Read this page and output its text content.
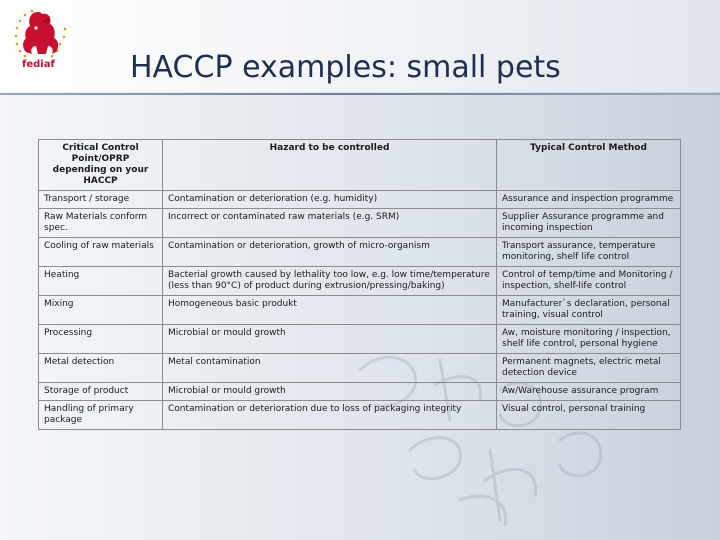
fediaf	HACCP examples: small pets
Critical Control Point/OPRP depending on your HACCP	Hazard to be controlled	Typical Control Method
Transport / storage	Contamination or deterioration (e.g. humidity)	Assurance and inspection programme
Raw Materials conform spec.	Incorrect or contaminated raw materials (e.g. SRM)	Supplier Assurance programme and incoming inspection
Cooling of raw materials	Contamination or deterioration, growth of micro-organism	Transport assurance, temperature monitoring, shelf life control
Heating	Bacterial growth caused by lethality too low, e.g. low time/temperature (less than 90°C) of product during extrusion/pressing/baking)	Control of temp/time and Monitoring / inspection, shelf-life control
Mixing	Homogeneous basic produkt	Manufacturer`s declaration, personal training, visual control
Processing	Microbial or mould growth	Aw, moisture monitoring / inspection, shelf life control, personal hygiene
Metal detection	Metal contamination	Permanent magnets, electric metal detection device
Storage of product	Microbial or mould growth	Aw/Warehouse assurance program
Handling of primary package	Contamination or deterioration due to loss of packaging integrity	Visual control, personal training
